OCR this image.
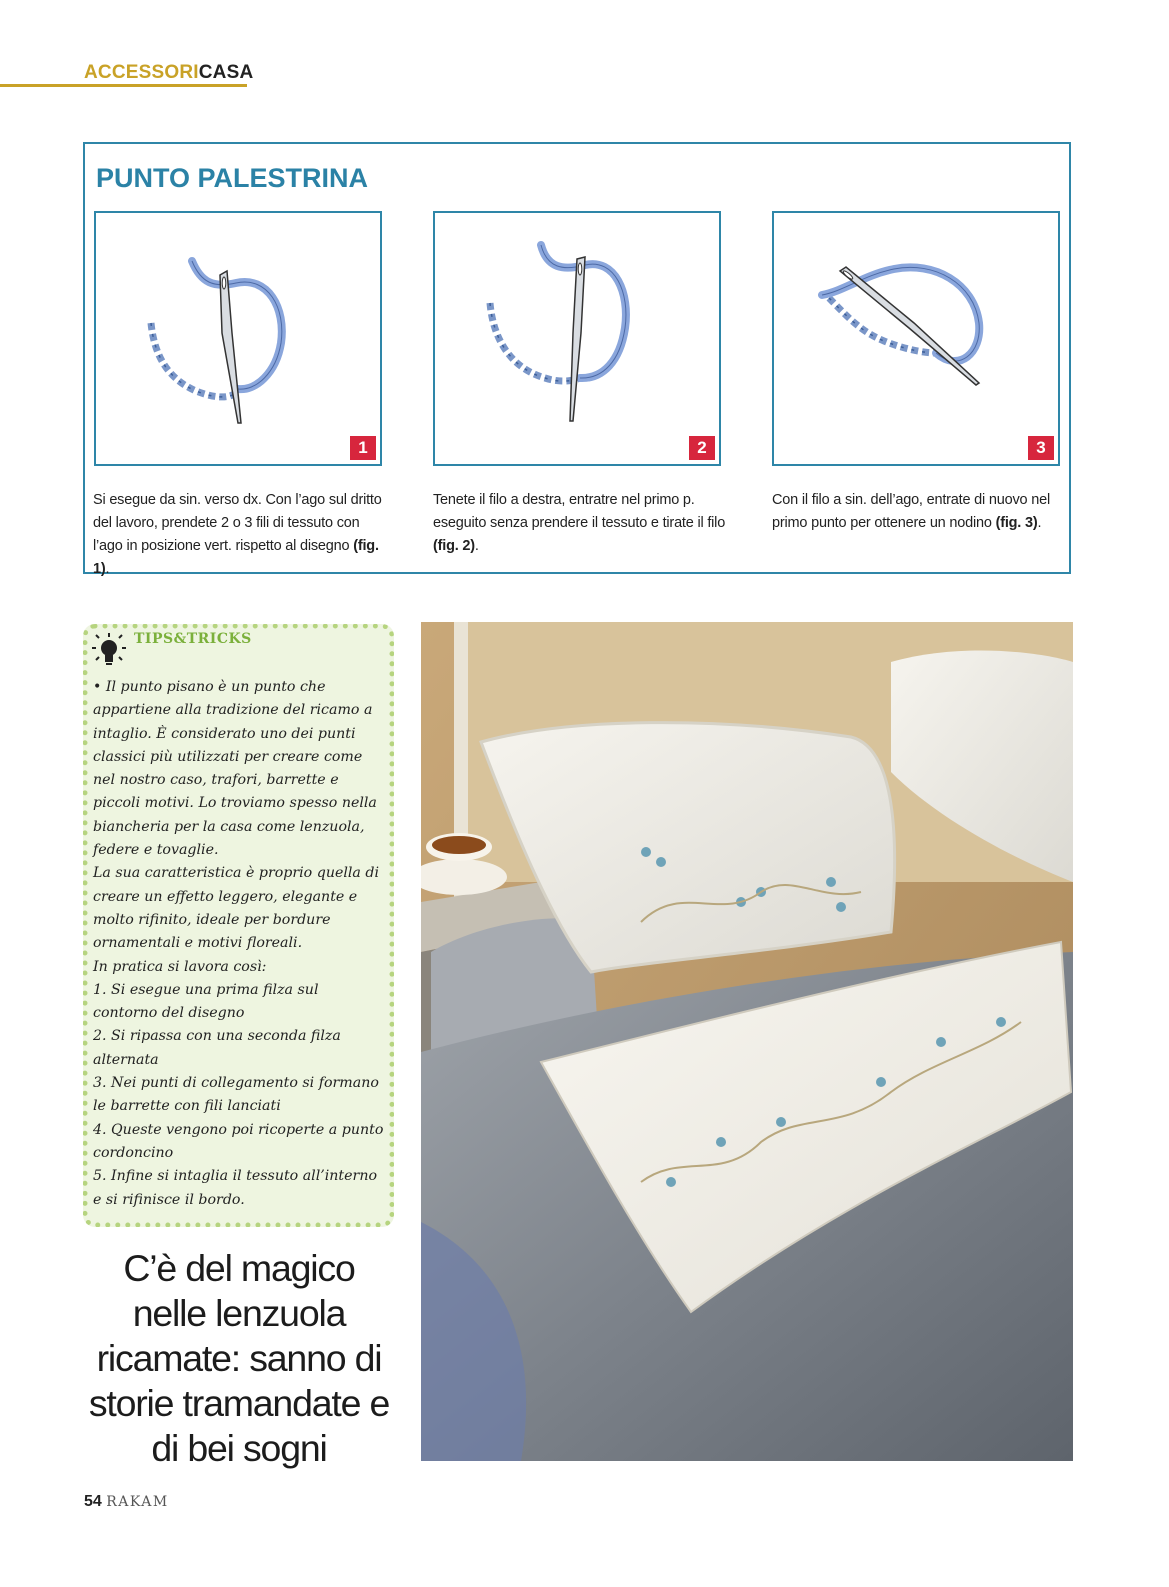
ACCESSORICASA
PUNTO PALESTRINA
1	2	3
Si esegue da sin. verso dx. Con l’ago sul dritto del lavoro, prendete 2 o 3 fili di tessuto con l’ago in posizione vert. rispetto al disegno (fig. 1).
Tenete il filo a destra, entratre nel primo p. eseguito senza prendere il tessuto e tirate il filo (fig. 2).
Con il filo a sin. dell’ago, entrate di nuovo nel primo punto per ottenere un nodino (fig. 3).
TIPS&TRICKS

• Il punto pisano è un punto che appartiene alla tradizione del ricamo a intaglio. È considerato uno dei punti classici più utilizzati per creare come nel nostro caso, trafori, barrette e piccoli motivi. Lo troviamo spesso nella biancheria per la casa come lenzuola, federe e tovaglie.

La sua caratteristica è proprio quella di creare un effetto leggero, elegante e molto rifinito, ideale per bordure ornamentali e motivi floreali.

In pratica si lavora così:

1. Si esegue una prima filza sul contorno del disegno

2. Si ripassa con una seconda filza alternata

3. Nei punti di collegamento si formano le barrette con fili lanciati

4. Queste vengono poi ricoperte a punto cordoncino

5. Infine si intaglia il tessuto all’interno e si rifinisce il bordo.

C’è del magico nelle lenzuola ricamate: sanno di storie tramandate e di bei sogni
54 RAKAM
